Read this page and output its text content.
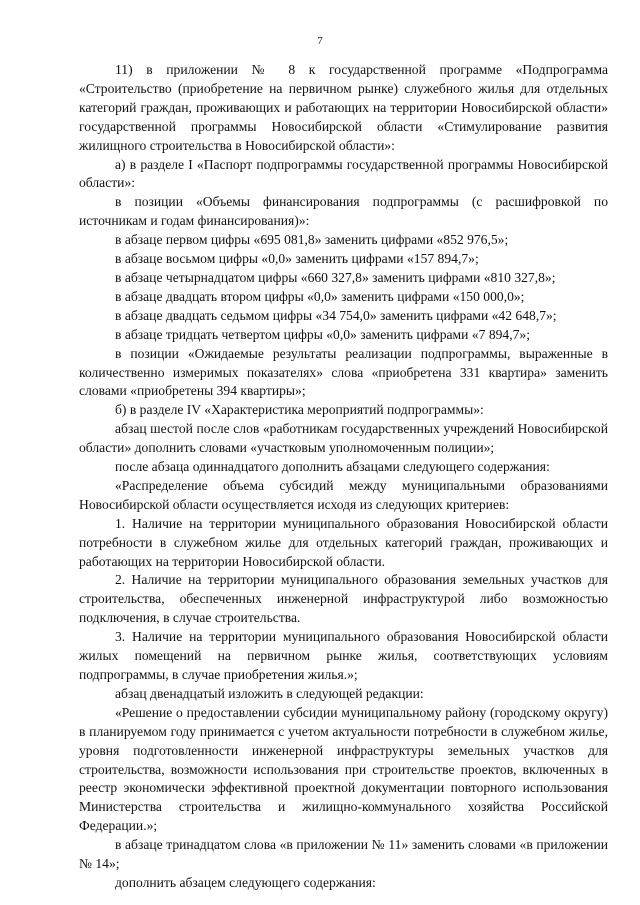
7

11) в приложении № 8 к государственной программе «Подпрограмма «Строительство (приобретение на первичном рынке) служебного жилья для отдельных категорий граждан, проживающих и работающих на территории Новосибирской области» государственной программы Новосибирской области «Стимулирование развития жилищного строительства в Новосибирской области»:

а) в разделе I «Паспорт подпрограммы государственной программы Новосибирской области»:

в позиции «Объемы финансирования подпрограммы (с расшифровкой по источникам и годам финансирования)»:

в абзаце первом цифры «695 081,8» заменить цифрами «852 976,5»;

в абзаце восьмом цифры «0,0» заменить цифрами «157 894,7»;

в абзаце четырнадцатом цифры «660 327,8» заменить цифрами «810 327,8»;

в абзаце двадцать втором цифры «0,0» заменить цифрами «150 000,0»;

в абзаце двадцать седьмом цифры «34 754,0» заменить цифрами «42 648,7»;

в абзаце тридцать четвертом цифры «0,0» заменить цифрами «7 894,7»;

в позиции «Ожидаемые результаты реализации подпрограммы, выраженные в количественно измеримых показателях» слова «приобретена 331 квартира» заменить словами «приобретены 394 квартиры»;

б) в разделе IV «Характеристика мероприятий подпрограммы»:

абзац шестой после слов «работникам государственных учреждений Новосибирской области» дополнить словами «участковым уполномоченным полиции»;

после абзаца одиннадцатого дополнить абзацами следующего содержания:

«Распределение объема субсидий между муниципальными образованиями Новосибирской области осуществляется исходя из следующих критериев:

1. Наличие на территории муниципального образования Новосибирской области потребности в служебном жилье для отдельных категорий граждан, проживающих и работающих на территории Новосибирской области.

2. Наличие на территории муниципального образования земельных участков для строительства, обеспеченных инженерной инфраструктурой либо возможностью подключения, в случае строительства.

3. Наличие на территории муниципального образования Новосибирской области жилых помещений на первичном рынке жилья, соответствующих условиям подпрограммы, в случае приобретения жилья.»;

абзац двенадцатый изложить в следующей редакции:

«Решение о предоставлении субсидии муниципальному району (городскому округу) в планируемом году принимается с учетом актуальности потребности в служебном жилье, уровня подготовленности инженерной инфраструктуры земельных участков для строительства, возможности использования при строительстве проектов, включенных в реестр экономически эффективной проектной документации повторного использования Министерства строительства и жилищно-коммунального хозяйства Российской Федерации.»;

в абзаце тринадцатом слова «в приложении № 11» заменить словами «в приложении № 14»;

дополнить абзацем следующего содержания:
